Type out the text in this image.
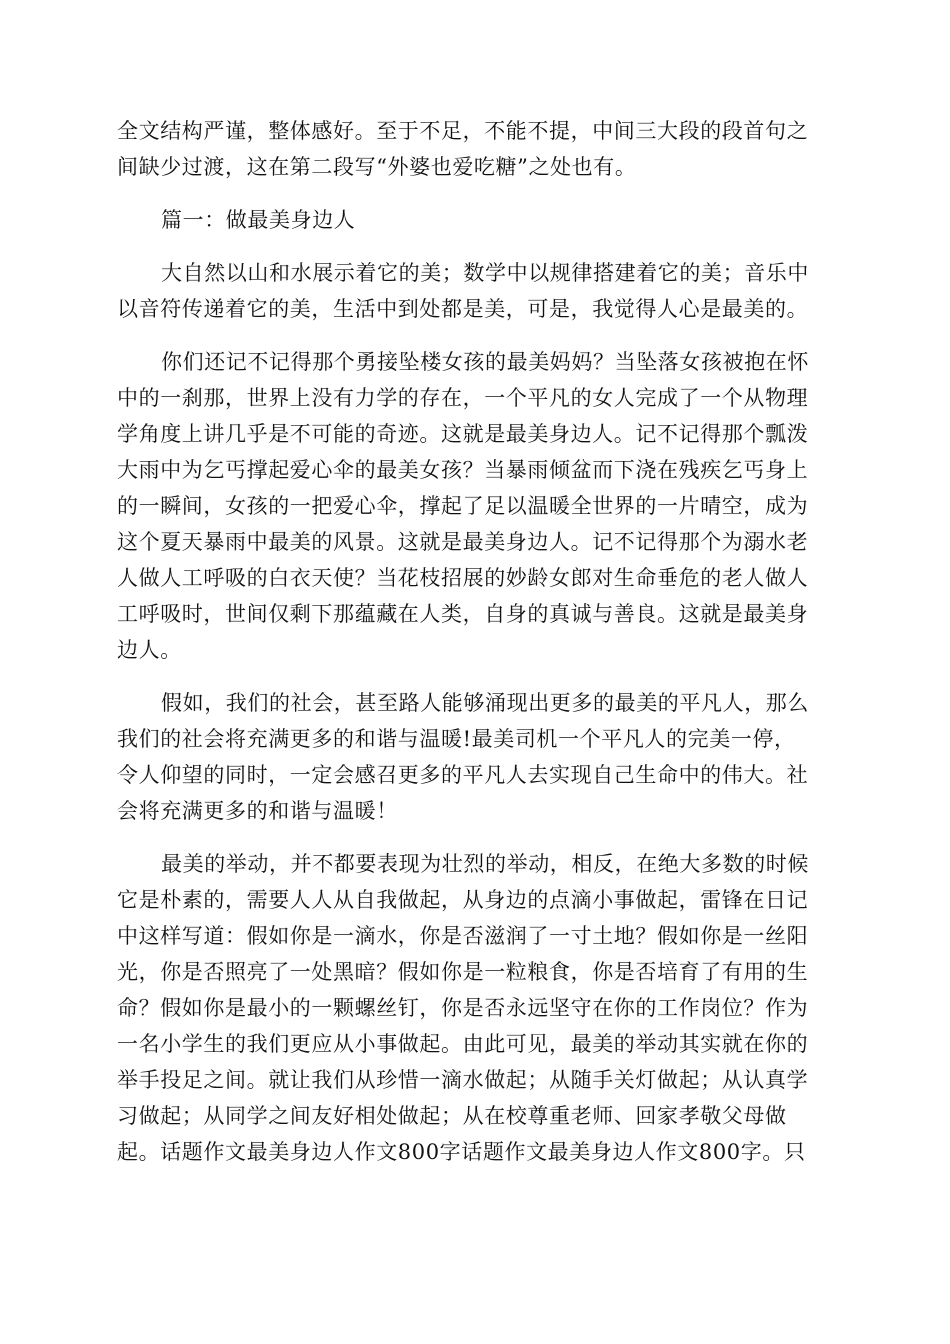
全文结构严谨，整体感好。至于不足，不能不提，中间三大段的段首句之
间缺少过渡，这在第二段写“外婆也爱吃糖”之处也有。
篇一：做最美身边人
大自然以山和水展示着它的美；数学中以规律搭建着它的美；音乐中
以音符传递着它的美，生活中到处都是美，可是，我觉得人心是最美的。
你们还记不记得那个勇接坠楼女孩的最美妈妈？当坠落女孩被抱在怀
中的一刹那，世界上没有力学的存在，一个平凡的女人完成了一个从物理
学角度上讲几乎是不可能的奇迹。这就是最美身边人。记不记得那个瓢泼
大雨中为乞丐撑起爱心伞的最美女孩？当暴雨倾盆而下浇在残疾乞丐身上
的一瞬间，女孩的一把爱心伞，撑起了足以温暖全世界的一片晴空，成为
这个夏天暴雨中最美的风景。这就是最美身边人。记不记得那个为溺水老
人做人工呼吸的白衣天使？当花枝招展的妙龄女郎对生命垂危的老人做人
工呼吸时，世间仅剩下那蕴藏在人类，自身的真诚与善良。这就是最美身
边人。
假如，我们的社会，甚至路人能够涌现出更多的最美的平凡人，那么
我们的社会将充满更多的和谐与温暖!最美司机一个平凡人的完美一停，
令人仰望的同时，一定会感召更多的平凡人去实现自己生命中的伟大。社
会将充满更多的和谐与温暖！
最美的举动，并不都要表现为壮烈的举动，相反，在绝大多数的时候
它是朴素的，需要人人从自我做起，从身边的点滴小事做起，雷锋在日记
中这样写道：假如你是一滴水，你是否滋润了一寸土地？假如你是一丝阳
光，你是否照亮了一处黑暗？假如你是一粒粮食，你是否培育了有用的生
命？假如你是最小的一颗螺丝钉，你是否永远坚守在你的工作岗位？作为
一名小学生的我们更应从小事做起。由此可见，最美的举动其实就在你的
举手投足之间。就让我们从珍惜一滴水做起；从随手关灯做起；从认真学
习做起；从同学之间友好相处做起；从在校尊重老师、回家孝敬父母做
起。话题作文最美身边人作文800字话题作文最美身边人作文800字。只
